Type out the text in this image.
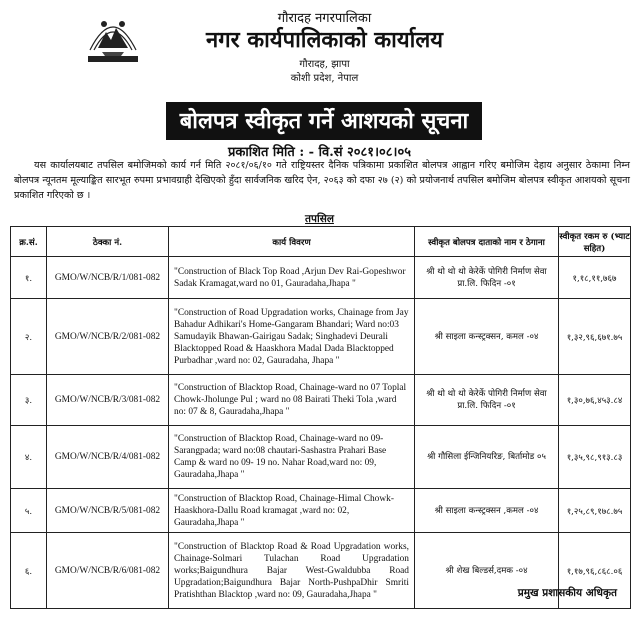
गौरादह नगरपालिका
नगर कार्यपालिकाको कार्यालय
गौरादह, झापा
कोशी प्रदेश, नेपाल
बोलपत्र स्वीकृत गर्ने आशयको सूचना
प्रकाशित मिति : - वि.सं २०८१।०८।०५

यस कार्यालयबाट तपसिल बमोजिमको कार्य गर्न मिति २०८१/०६/१० गते राष्ट्रियस्तर दैनिक पत्रिकामा प्रकाशित बोलपत्र आह्वान गरिए बमोजिम देहाय अनुसार ठेकामा निम्न बोलपत्र न्यूनतम मूल्याङ्कित सारभूत रुपमा प्रभावग्राही देखिएको हुँदा सार्वजनिक खरिद ऐन, २०६३ को दफा २७ (२) को प्रयोजनार्थ तपसिल बमोजिम बोलपत्र स्वीकृत आशयको सूचना प्रकाशित गरिएको छ ।

तपसिल
क्र.सं.	ठेक्का नं.	कार्य विवरण	स्वीकृत बोलपत्र दाताको नाम र ठेगाना	स्वीकृत रकम रु (भ्याट सहित)
१.	GMO/W/NCB/R/1/081-082	"Construction of Black Top Road ,Arjun Dev Rai-Gopeshwor Sadak Kramagat,ward no 01, Gauradaha,Jhapa "	श्री थो थो थो केरेर्के पोगिरी निर्माण सेवा प्रा.लि. फिदिन -०१	१,१८,११,७६७
२.	GMO/W/NCB/R/2/081-082	"Construction of Road Upgradation works, Chainage from Jay Bahadur Adhikari's Home-Gangaram Bhandari; Ward no:03 Samudayik Bhawan-Gairigau Sadak; Singhadevi Deurali Blacktopped Road & Haaskhora Madal Dada Blacktopped Purbadhar ,ward no: 02, Gauradaha, Jhapa "	श्री साइला कन्स्ट्रक्सन, कमल -०४	१,३२,९६,६७१.७५
३.	GMO/W/NCB/R/3/081-082	"Construction of Blacktop Road, Chainage-ward no 07 Toplal Chowk-Jholunge Pul ; ward no 08 Bairati Theki Tola ,ward no: 07 & 8, Gauradaha,Jhapa "	श्री थो थो थो केरेर्के पोगिरी निर्माण सेवा प्रा.लि. फिदिन -०१	१,३०,७६,४५३.८४
४.	GMO/W/NCB/R/4/081-082	"Construction of Blacktop Road, Chainage-ward no 09-Sarangpada; ward no:08 chautari-Sashastra Prahari Base Camp & ward no 09- 19 no. Nahar Road,ward no: 09, Gauradaha,Jhapa "	श्री गौसिला ईन्जिनियरिङ, बिर्तामोड ०५	१,३५,९८,९१३.८३
५.	GMO/W/NCB/R/5/081-082	"Construction of Blacktop Road, Chainage-Himal Chowk-Haaskhora-Dallu Road kramagat ,ward no: 02, Gauradaha,Jhapa "	श्री साइला कन्स्ट्रक्सन ,कमल -०४	१,२५,८९,१७८.७५
६.	GMO/W/NCB/R/6/081-082	"Construction of Blacktop Road & Road Upgradation works, Chainage-Solmari Tulachan Road Upgradation works;Baigundhura Bajar West-Gwaldubba Road Upgradation;Baigundhura Bajar North-PushpaDhir Smriti Pratishthan Blacktop ,ward no: 09, Gauradaha,Jhapa "	श्री शेख बिल्डर्स,दमक -०४	१,१७,९६,८६८.०६
प्रमुख प्रशासकीय अधिकृत
